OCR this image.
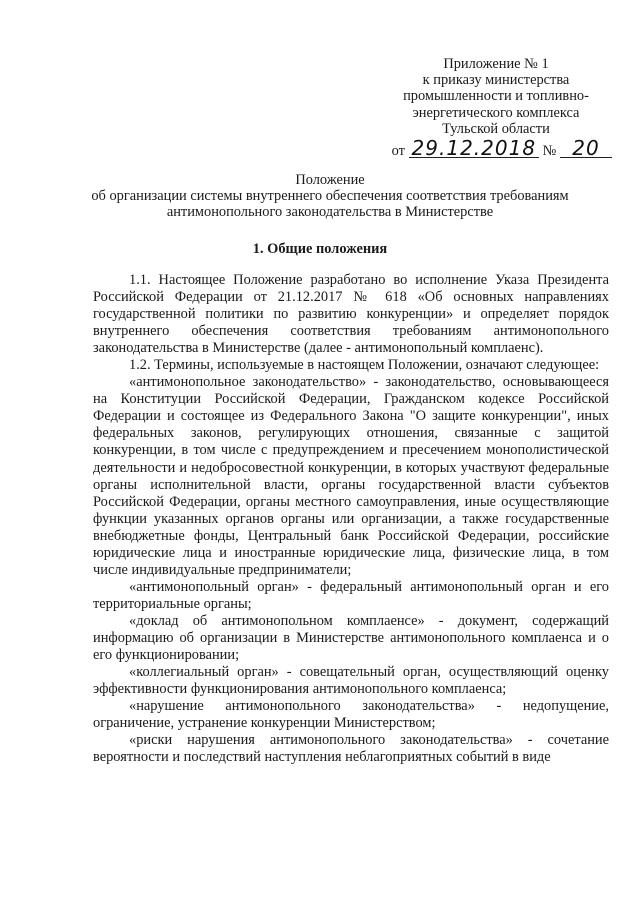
Приложение № 1
к приказу министерства
промышленности и топливно-
энергетического комплекса
Тульской области
от 29.12.2018 № 20
Положение
об организации системы внутреннего обеспечения соответствия требованиям
антимонопольного законодательства в Министерстве
1. Общие положения

1.1. Настоящее Положение разработано во исполнение Указа Президента Российской Федерации от 21.12.2017 № 618 «Об основных направлениях государственной политики по развитию конкуренции» и определяет порядок внутреннего обеспечения соответствия требованиям антимонопольного законодательства в Министерстве (далее - антимонопольный комплаенс).

1.2. Термины, используемые в настоящем Положении, означают следующее:

«антимонопольное законодательство» - законодательство, основывающееся на Конституции Российской Федерации, Гражданском кодексе Российской Федерации и состоящее из Федерального Закона "О защите конкуренции", иных федеральных законов, регулирующих отношения, связанные с защитой конкуренции, в том числе с предупреждением и пресечением монополистической деятельности и недобросовестной конкуренции, в которых участвуют федеральные органы исполнительной власти, органы государственной власти субъектов Российской Федерации, органы местного самоуправления, иные осуществляющие функции указанных органов органы или организации, а также государственные внебюджетные фонды, Центральный банк Российской Федерации, российские юридические лица и иностранные юридические лица, физические лица, в том числе индивидуальные предприниматели;

«антимонопольный орган» - федеральный антимонопольный орган и его территориальные органы;

«доклад об антимонопольном комплаенсе» - документ, содержащий информацию об организации в Министерстве антимонопольного комплаенса и о его функционировании;

«коллегиальный орган» - совещательный орган, осуществляющий оценку эффективности функционирования антимонопольного комплаенса;

«нарушение антимонопольного законодательства» - недопущение, ограничение, устранение конкуренции Министерством;

«риски нарушения антимонопольного законодательства» - сочетание вероятности и последствий наступления неблагоприятных событий в виде
